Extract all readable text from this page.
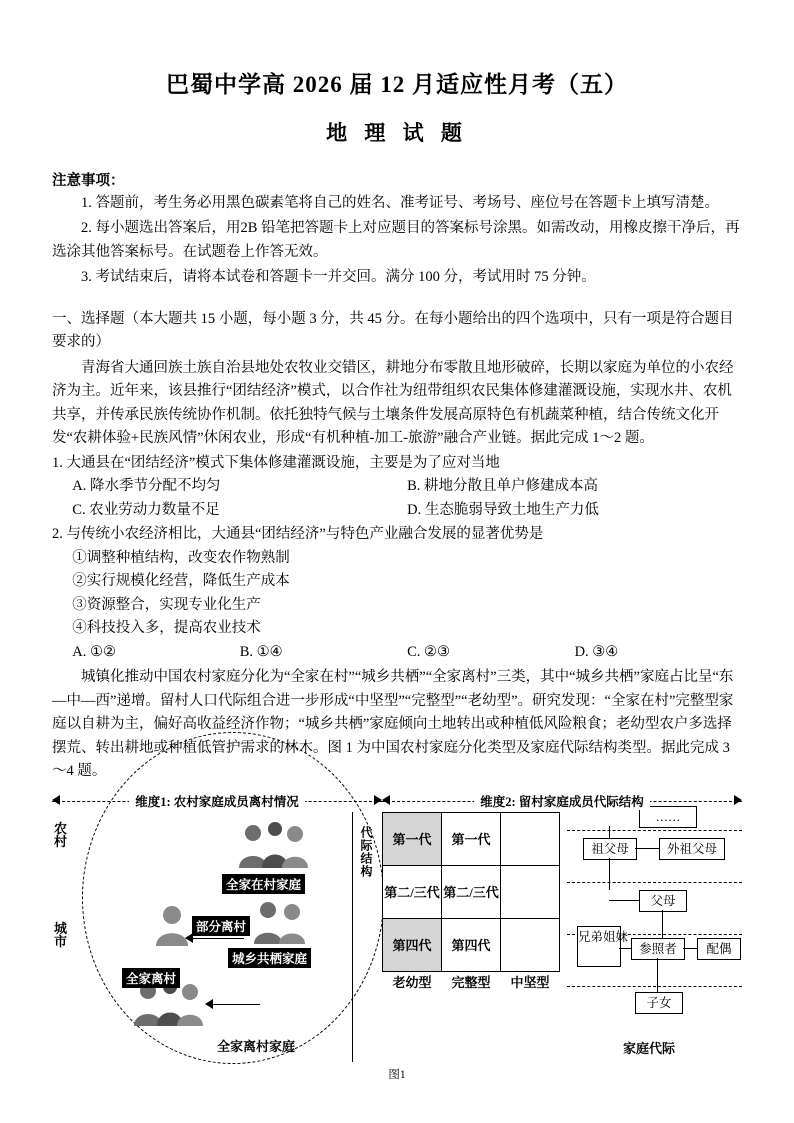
巴蜀中学高 2026 届 12 月适应性月考（五）
地 理 试 题
注意事项：
1. 答题前，考生务必用黑色碳素笔将自己的姓名、准考证号、考场号、座位号在答题卡上填写清楚。
2. 每小题选出答案后，用2B 铅笔把答题卡上对应题目的答案标号涂黑。如需改动，用橡皮擦干净后，再选涂其他答案标号。在试题卷上作答无效。
3. 考试结束后，请将本试卷和答题卡一并交回。满分 100 分，考试用时 75 分钟。
一、选择题（本大题共 15 小题，每小题 3 分，共 45 分。在每小题给出的四个选项中，只有一项是符合题目要求的）
青海省大通回族土族自治县地处农牧业交错区，耕地分布零散且地形破碎，长期以家庭为单位的小农经济为主。近年来，该县推行“团结经济”模式，以合作社为纽带组织农民集体修建灌溉设施，实现水井、农机共享，并传承民族传统协作机制。依托独特气候与土壤条件发展高原特色有机蔬菜种植，结合传统文化开发“农耕体验+民族风情”休闲农业，形成“有机种植-加工-旅游”融合产业链。据此完成 1～2 题。
1. 大通县在“团结经济”模式下集体修建灌溉设施，主要是为了应对当地
A. 降水季节分配不均匀	B. 耕地分散且单户修建成本高
C. 农业劳动力数量不足	D. 生态脆弱导致土地生产力低
2. 与传统小农经济相比，大通县“团结经济”与特色产业融合发展的显著优势是
①调整种植结构，改变农作物熟制
②实行规模化经营，降低生产成本
③资源整合，实现专业化生产
④科技投入多，提高农业技术
A. ①②	B. ①④	C. ②③	D. ③④
城镇化推动中国农村家庭分化为“全家在村”“城乡共栖”“全家离村”三类，其中“城乡共栖”家庭占比呈“东—中—西”递增。留村人口代际组合进一步形成“中坚型”“完整型”“老幼型”。研究发现：“全家在村”完整型家庭以自耕为主，偏好高收益经济作物；“城乡共栖”家庭倾向土地转出或种植低风险粮食；老幼型农户多选择摆荒、转出耕地或种植低管护需求的林木。图 1 为中国农村家庭分化类型及家庭代际结构类型。据此完成 3～4 题。
维度1: 农村家庭成员离村情况	维度2: 留村家庭成员代际结构
农村
城市
全家在村家庭
城乡共栖家庭
部分离村
全家离村
全家离村家庭
代际结构 第一代	第一代	
第二/三代	第二/三代	
第四代	第四代	
老幼型	完整型	中坚型
……
祖父母	外祖父母
父母
兄弟姐妹
参照者	配偶
子女
家庭代际
图1
